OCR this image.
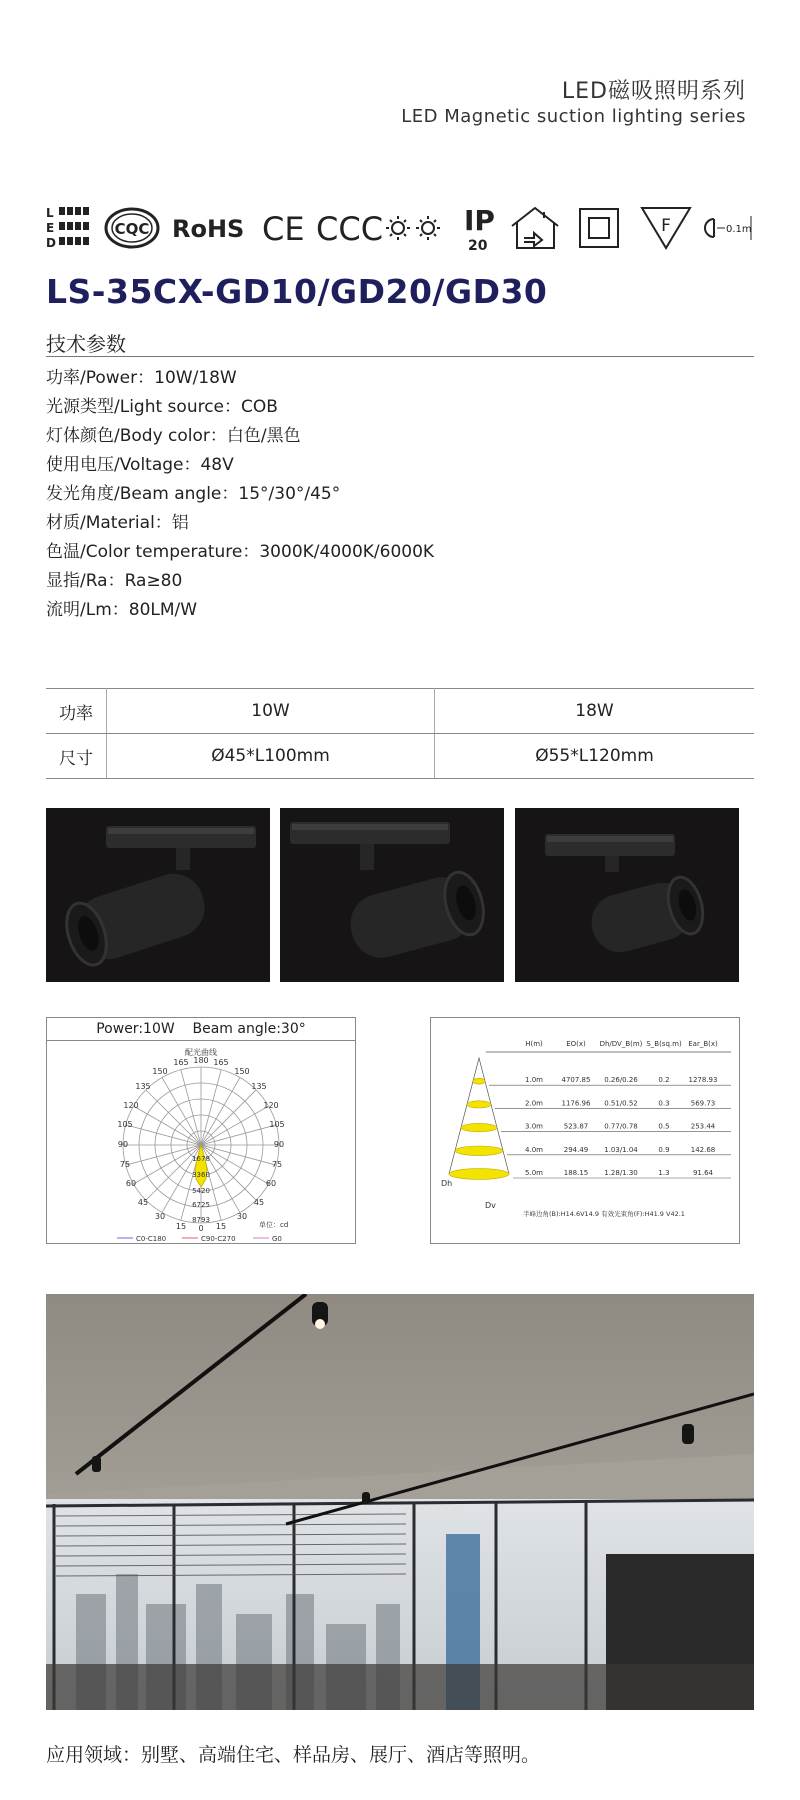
LED磁吸照明系列
LED Magnetic suction lighting series
L
E
D
CQC RoHS CE CCC	IP
20
F	0.1m
LS-35CX-GD10/GD20/GD30
技术参数
功率/Power：10W/18W
光源类型/Light source：COB
灯体颜色/Body color：白色/黑色
使用电压/Voltage：48V
发光角度/Beam angle：15°/30°/45°
材质/Material：铝
色温/Color temperature：3000K/4000K/6000K
显指/Ra：Ra≥80
流明/Lm：80LM/W
功率	10W	18W
尺寸	Ø45*L100mm	Ø55*L120mm
Power:10W    Beam angle:30°
配光曲线
165 180 165
150
135
120
105
90
75
60
45
30
150
135
120
105
90
75
60
45
30
15 0 15
1678
3360
5420
6725
8793
单位：cd
C0-C180	C90-C270	G0
H(m)	EO(x) Dh/DV_B(m) S_B(sq.m) Ear_B(x)
1.0m	4707.85 0.26/0.26	0.2	1278.93
2.0m	1176.96 0.51/0.52	0.3	569.73
3.0m	523.87 0.77/0.78	0.5	253.44
4.0m	294.49 1.03/1.04	0.9	142.68
5.0m	188.15 1.28/1.30	1.3	91.64
Dh
Dv
半峰边角(B):H14.6V14.9 有效光束角(F):H41.9 V42.1
应用领域：别墅、高端住宅、样品房、展厅、酒店等照明。
